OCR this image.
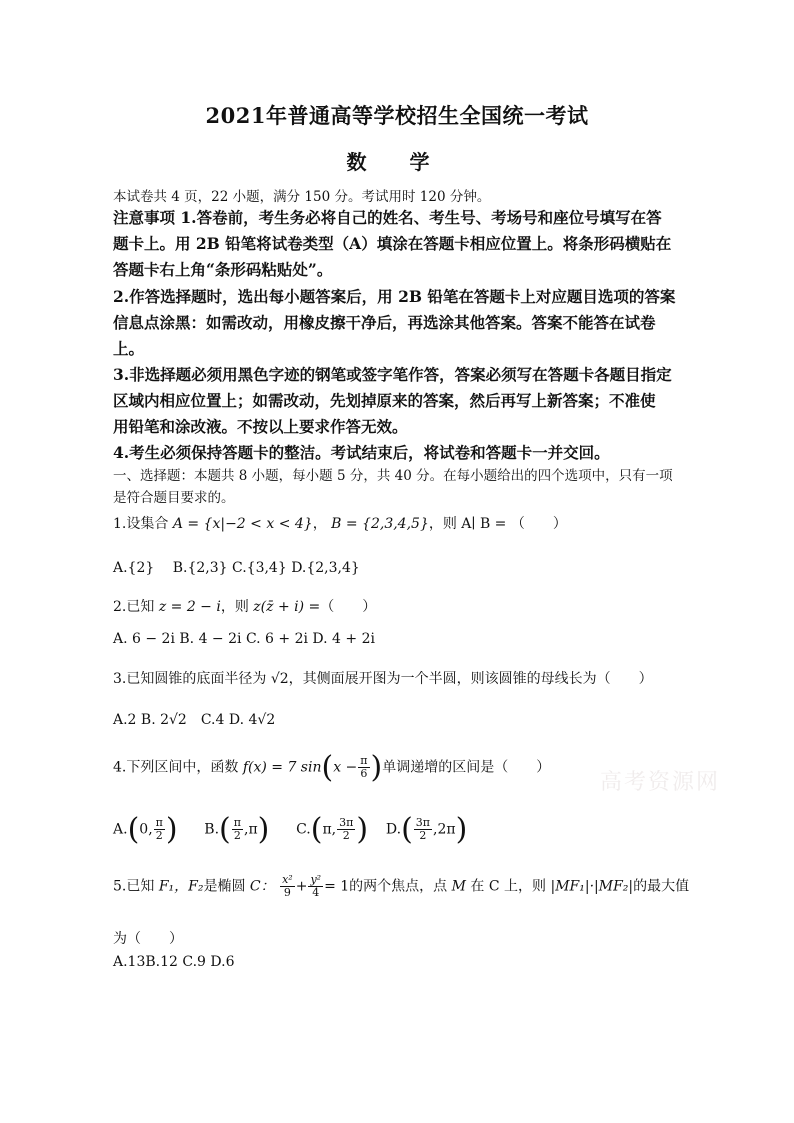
2021年普通高等学校招生全国统一考试
数 学
本试卷共 4 页，22 小题，满分 150 分。考试用时 120 分钟。
注意事项 1.答卷前，考生务必将自己的姓名、考生号、考场号和座位号填写在答
题卡上。用 2B 铅笔将试卷类型（A）填涂在答题卡相应位置上。将条形码横贴在
答题卡右上角“条形码粘贴处”。
2.作答选择题时，选出每小题答案后，用 2B 铅笔在答题卡上对应题目选项的答案
信息点涂黑：如需改动，用橡皮擦干净后，再选涂其他答案。答案不能答在试卷
上。
3.非选择题必须用黑色字迹的钢笔或签字笔作答，答案必须写在答题卡各题目指定
区域内相应位置上；如需改动，先划掉原来的答案，然后再写上新答案；不准使
用铅笔和涂改液。不按以上要求作答无效。
4.考生必须保持答题卡的整洁。考试结束后，将试卷和答题卡一并交回。
一、选择题：本题共 8 小题，每小题 5 分，共 40 分。在每小题给出的四个选项中，只有一项
是符合题目要求的。
1.设集合 A = {x|−2 < x < 4}， B = {2,3,4,5}，则 A∣ B = （　　）
A.{2}　 B.{2,3} C.{3,4} D.{2,3,4}
2.已知 z = 2 − i，则 z(z̄ + i) =（　　）
A. 6 − 2i B. 4 − 2i C. 6 + 2i D. 4 + 2i
3.已知圆锥的底面半径为 √2，其侧面展开图为一个半圆，则该圆锥的母线长为（　　）
A.2 B. 2√2　C.4 D. 4√2
4.下列区间中，函数 f(x) = 7 $\sin(x - \frac{\pi}{6}$ )单调递增的区间是（　　）
A.(0, $\frac{\pi}{2}$ ) $B.( \frac{\pi}{2} ,\pi)$ C.(π, $\frac{3\pi}{2}$ ) $D.( \frac{3\pi}{2} ,2\pi)$
5.已知 F₁，F₂是椭圆 C： $\frac{\text{x²}}{9} + \frac{\text{y²}}{4} = 1$的两个焦点，点 M 在 C 上，则 |MF₁|·|MF₂|的最大值
为（　　）
A.13B.12 C.9 D.6
高考资源网
